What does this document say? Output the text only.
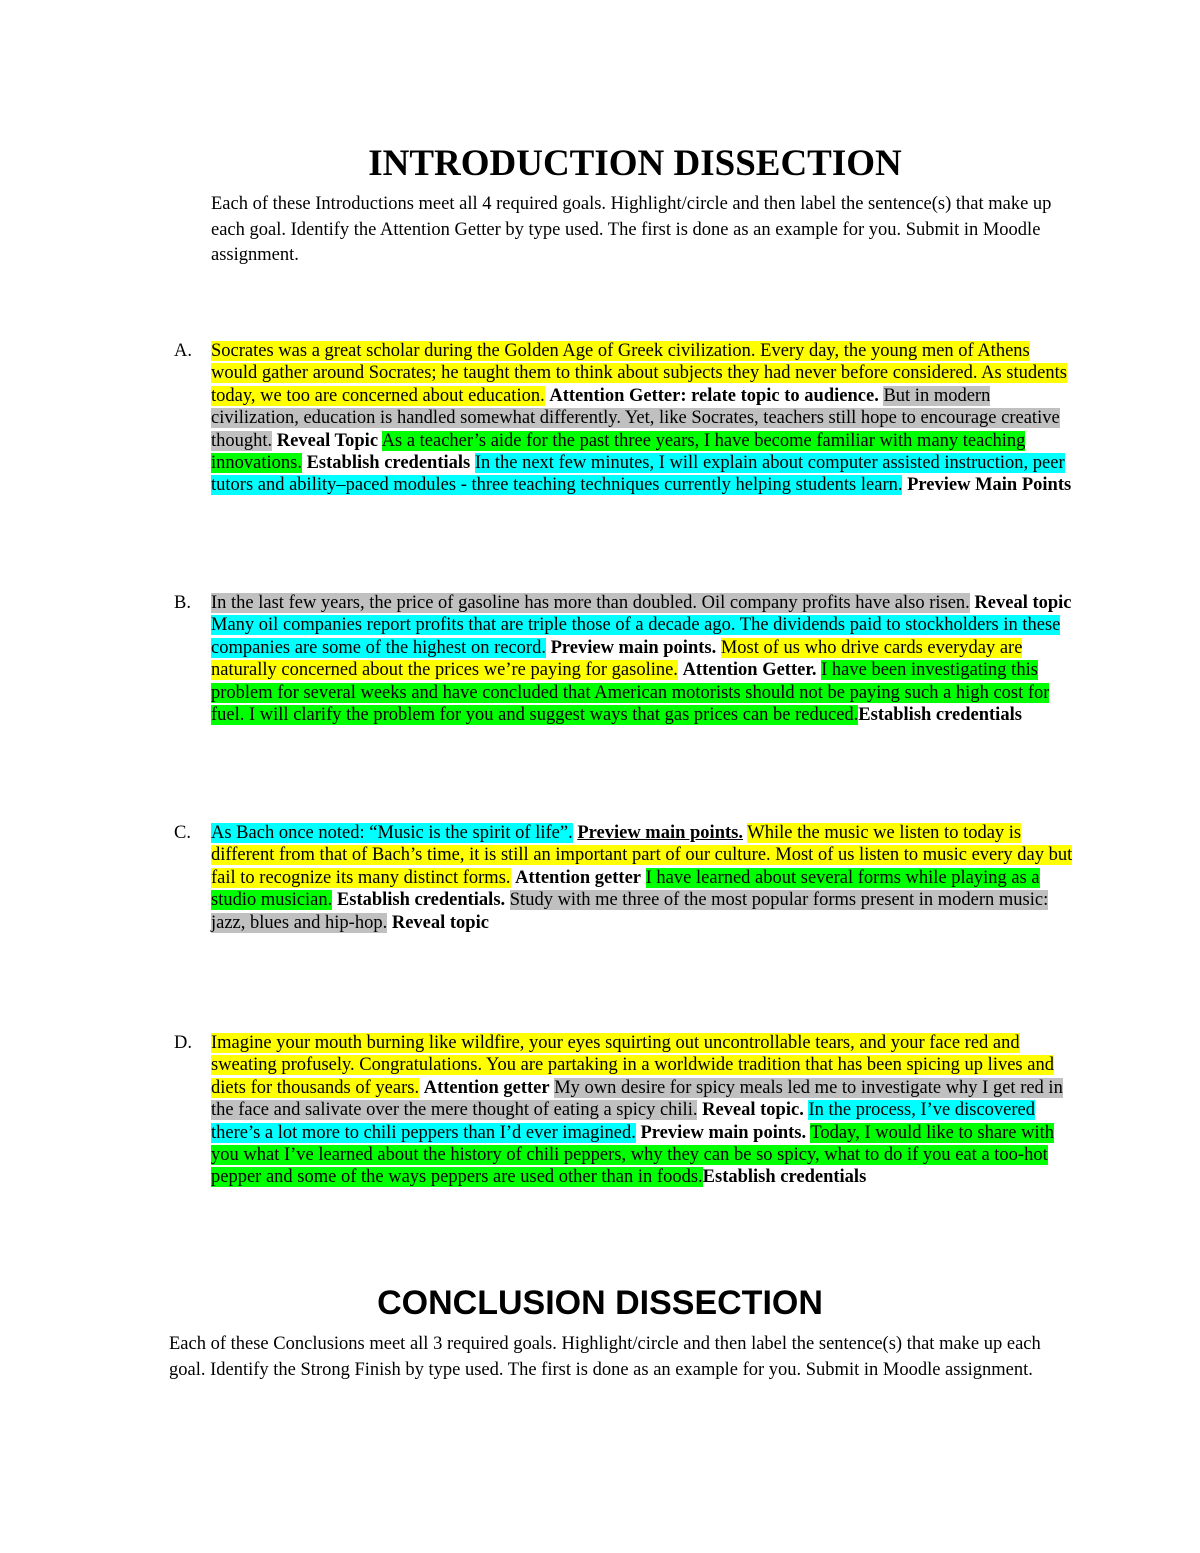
INTRODUCTION DISSECTION
Each of these Introductions meet all 4 required goals. Highlight/circle and then label the sentence(s) that make up each goal. Identify the Attention Getter by type used. The first is done as an example for you. Submit in Moodle assignment.
A.	Socrates was a great scholar during the Golden Age of Greek civilization. Every day, the young men of Athens would gather around Socrates; he taught them to think about subjects they had never before considered. As students today, we too are concerned about education. Attention Getter: relate topic to audience. But in modern civilization, education is handled somewhat differently. Yet, like Socrates, teachers still hope to encourage creative thought. Reveal Topic As a teacher’s aide for the past three years, I have become familiar with many teaching innovations. Establish credentials In the next few minutes, I will explain about computer assisted instruction, peer tutors and ability–paced modules - three teaching techniques currently helping students learn. Preview Main Points
B.	In the last few years, the price of gasoline has more than doubled. Oil company profits have also risen. Reveal topic Many oil companies report profits that are triple those of a decade ago. The dividends paid to stockholders in these companies are some of the highest on record. Preview main points. Most of us who drive cards everyday are naturally concerned about the prices we’re paying for gasoline. Attention Getter. I have been investigating this problem for several weeks and have concluded that American motorists should not be paying such a high cost for fuel. I will clarify the problem for you and suggest ways that gas prices can be reduced.Establish credentials
C.	As Bach once noted: “Music is the spirit of life”. Preview main points. While the music we listen to today is different from that of Bach’s time, it is still an important part of our culture. Most of us listen to music every day but fail to recognize its many distinct forms. Attention getter I have learned about several forms while playing as a studio musician. Establish credentials. Study with me three of the most popular forms present in modern music: jazz, blues and hip-hop. Reveal topic
D.	Imagine your mouth burning like wildfire, your eyes squirting out uncontrollable tears, and your face red and sweating profusely. Congratulations. You are partaking in a worldwide tradition that has been spicing up lives and diets for thousands of years. Attention getter My own desire for spicy meals led me to investigate why I get red in the face and salivate over the mere thought of eating a spicy chili. Reveal topic. In the process, I’ve discovered there’s a lot more to chili peppers than I’d ever imagined. Preview main points. Today, I would like to share with you what I’ve learned about the history of chili peppers, why they can be so spicy, what to do if you eat a too-hot pepper and some of the ways peppers are used other than in foods.Establish credentials
CONCLUSION DISSECTION
Each of these Conclusions meet all 3 required goals. Highlight/circle and then label the sentence(s) that make up each goal. Identify the Strong Finish by type used. The first is done as an example for you. Submit in Moodle assignment.
